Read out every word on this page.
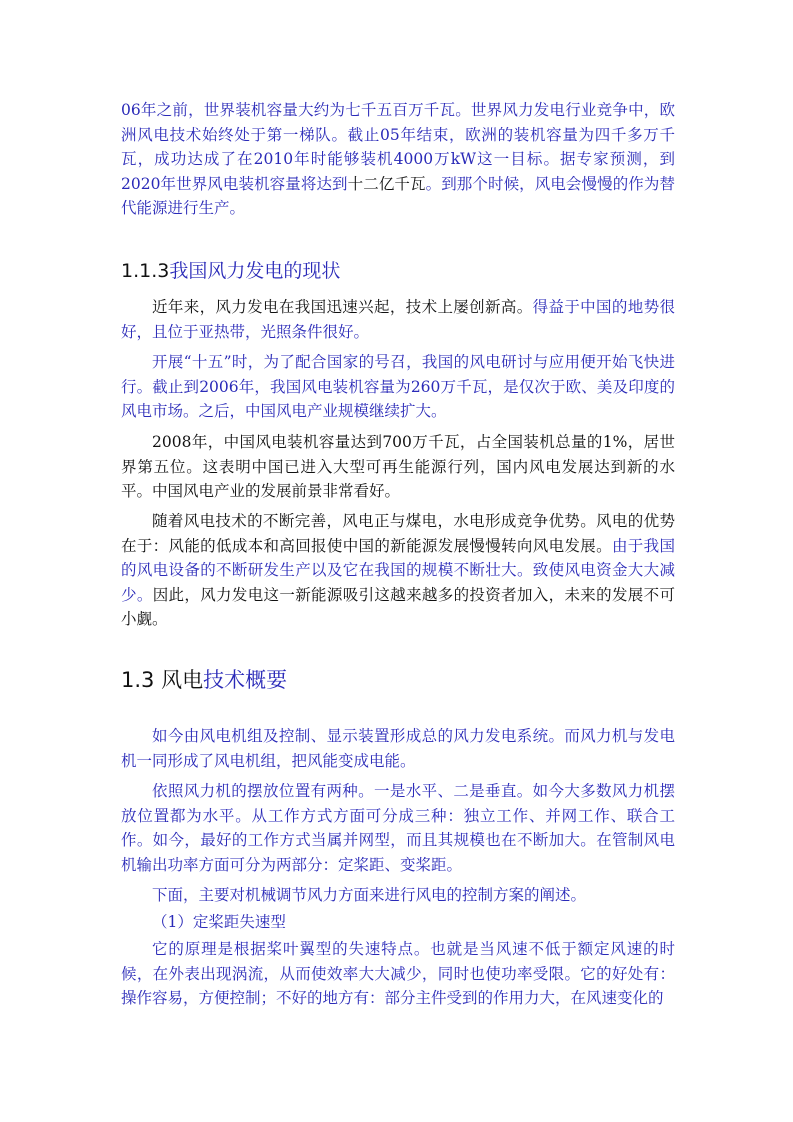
06年之前，世界装机容量大约为七千五百万千瓦。世界风力发电行业竞争中，欧洲风电技术始终处于第一梯队。截止05年结束，欧洲的装机容量为四千多万千瓦，成功达成了在2010年时能够装机4000万kW这一目标。据专家预测，到2020年世界风电装机容量将达到十二亿千瓦。到那个时候，风电会慢慢的作为替代能源进行生产。

1.1.3我国风力发电的现状

近年来，风力发电在我国迅速兴起，技术上屡创新高。得益于中国的地势很好，且位于亚热带，光照条件很好。

开展“十五”时，为了配合国家的号召，我国的风电研讨与应用便开始飞快进行。截止到2006年，我国风电装机容量为260万千瓦，是仅次于欧、美及印度的风电市场。之后，中国风电产业规模继续扩大。

2008年，中国风电装机容量达到700万千瓦，占全国装机总量的1%，居世界第五位。这表明中国已进入大型可再生能源行列，国内风电发展达到新的水平。中国风电产业的发展前景非常看好。

随着风电技术的不断完善，风电正与煤电，水电形成竞争优势。风电的优势在于：风能的低成本和高回报使中国的新能源发展慢慢转向风电发展。由于我国的风电设备的不断研发生产以及它在我国的规模不断壮大。致使风电资金大大减少。因此，风力发电这一新能源吸引这越来越多的投资者加入，未来的发展不可小觑。

1.3 风电技术概要

如今由风电机组及控制、显示装置形成总的风力发电系统。而风力机与发电机一同形成了风电机组，把风能变成电能。

依照风力机的摆放位置有两种。一是水平、二是垂直。如今大多数风力机摆放位置都为水平。从工作方式方面可分成三种：独立工作、并网工作、联合工作。如今，最好的工作方式当属并网型，而且其规模也在不断加大。在管制风电机输出功率方面可分为两部分：定桨距、变桨距。

下面，主要对机械调节风力方面来进行风电的控制方案的阐述。

（1）定桨距失速型

它的原理是根据桨叶翼型的失速特点。也就是当风速不低于额定风速的时候，在外表出现涡流，从而使效率大大减少，同时也使功率受限。它的好处有：操作容易，方便控制；不好的地方有：部分主件受到的作用力大，在风速变化的
